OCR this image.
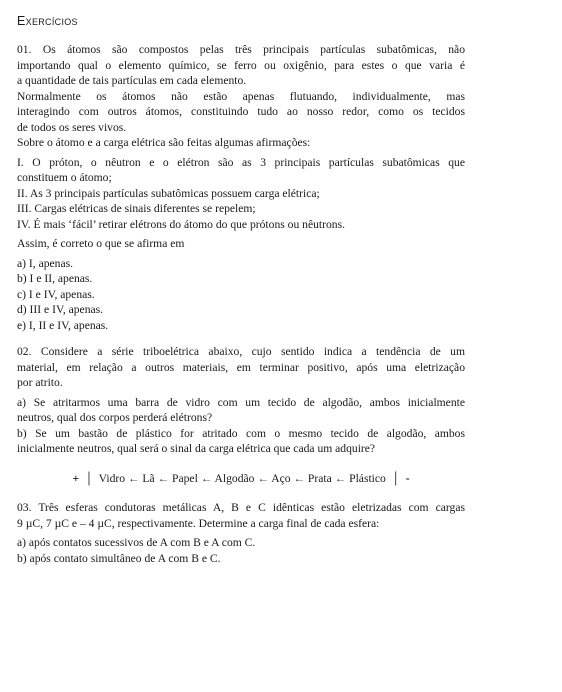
Exercícios
01. Os átomos são compostos pelas três principais partículas subatômicas, não
importando qual o elemento químico, se ferro ou oxigênio, para estes o que varia é
a quantidade de tais partículas em cada elemento.
Normalmente os átomos não estão apenas flutuando, individualmente, mas
interagindo com outros átomos, constituindo tudo ao nosso redor, como os tecidos
de todos os seres vivos.
Sobre o átomo e a carga elétrica são feitas algumas afirmações:
I. O próton, o nêutron e o elétron são as 3 principais partículas subatômicas que
constituem o átomo;
II. As 3 principais partículas subatômicas possuem carga elétrica;
III. Cargas elétricas de sinais diferentes se repelem;
IV. É mais ‘fácil’ retirar elétrons do átomo do que prótons ou nêutrons.
Assim, é correto o que se afirma em
a) I, apenas.
b) I e II, apenas.
c) I e IV, apenas.
d) III e IV, apenas.
e) I, II e IV, apenas.
02. Considere a série triboelétrica abaixo, cujo sentido indica a tendência de um
material, em relação a outros materiais, em terminar positivo, após uma eletrização
por atrito.
a) Se atritarmos uma barra de vidro com um tecido de algodão, ambos inicialmente
neutros, qual dos corpos perderá elétrons?
b) Se um bastão de plástico for atritado com o mesmo tecido de algodão, ambos
inicialmente neutros, qual será o sinal da carga elétrica que cada um adquire?
+  │  Vidro ← Lã ← Papel ← Algodão ← Aço ← Prata ← Plástico  │  -
03. Três esferas condutoras metálicas A, B e C idênticas estão eletrizadas com cargas
9 µC, 7 µC e – 4 µC, respectivamente. Determine a carga final de cada esfera:
a) após contatos sucessivos de A com B e A com C.
b) após contato simultâneo de A com B e C.
